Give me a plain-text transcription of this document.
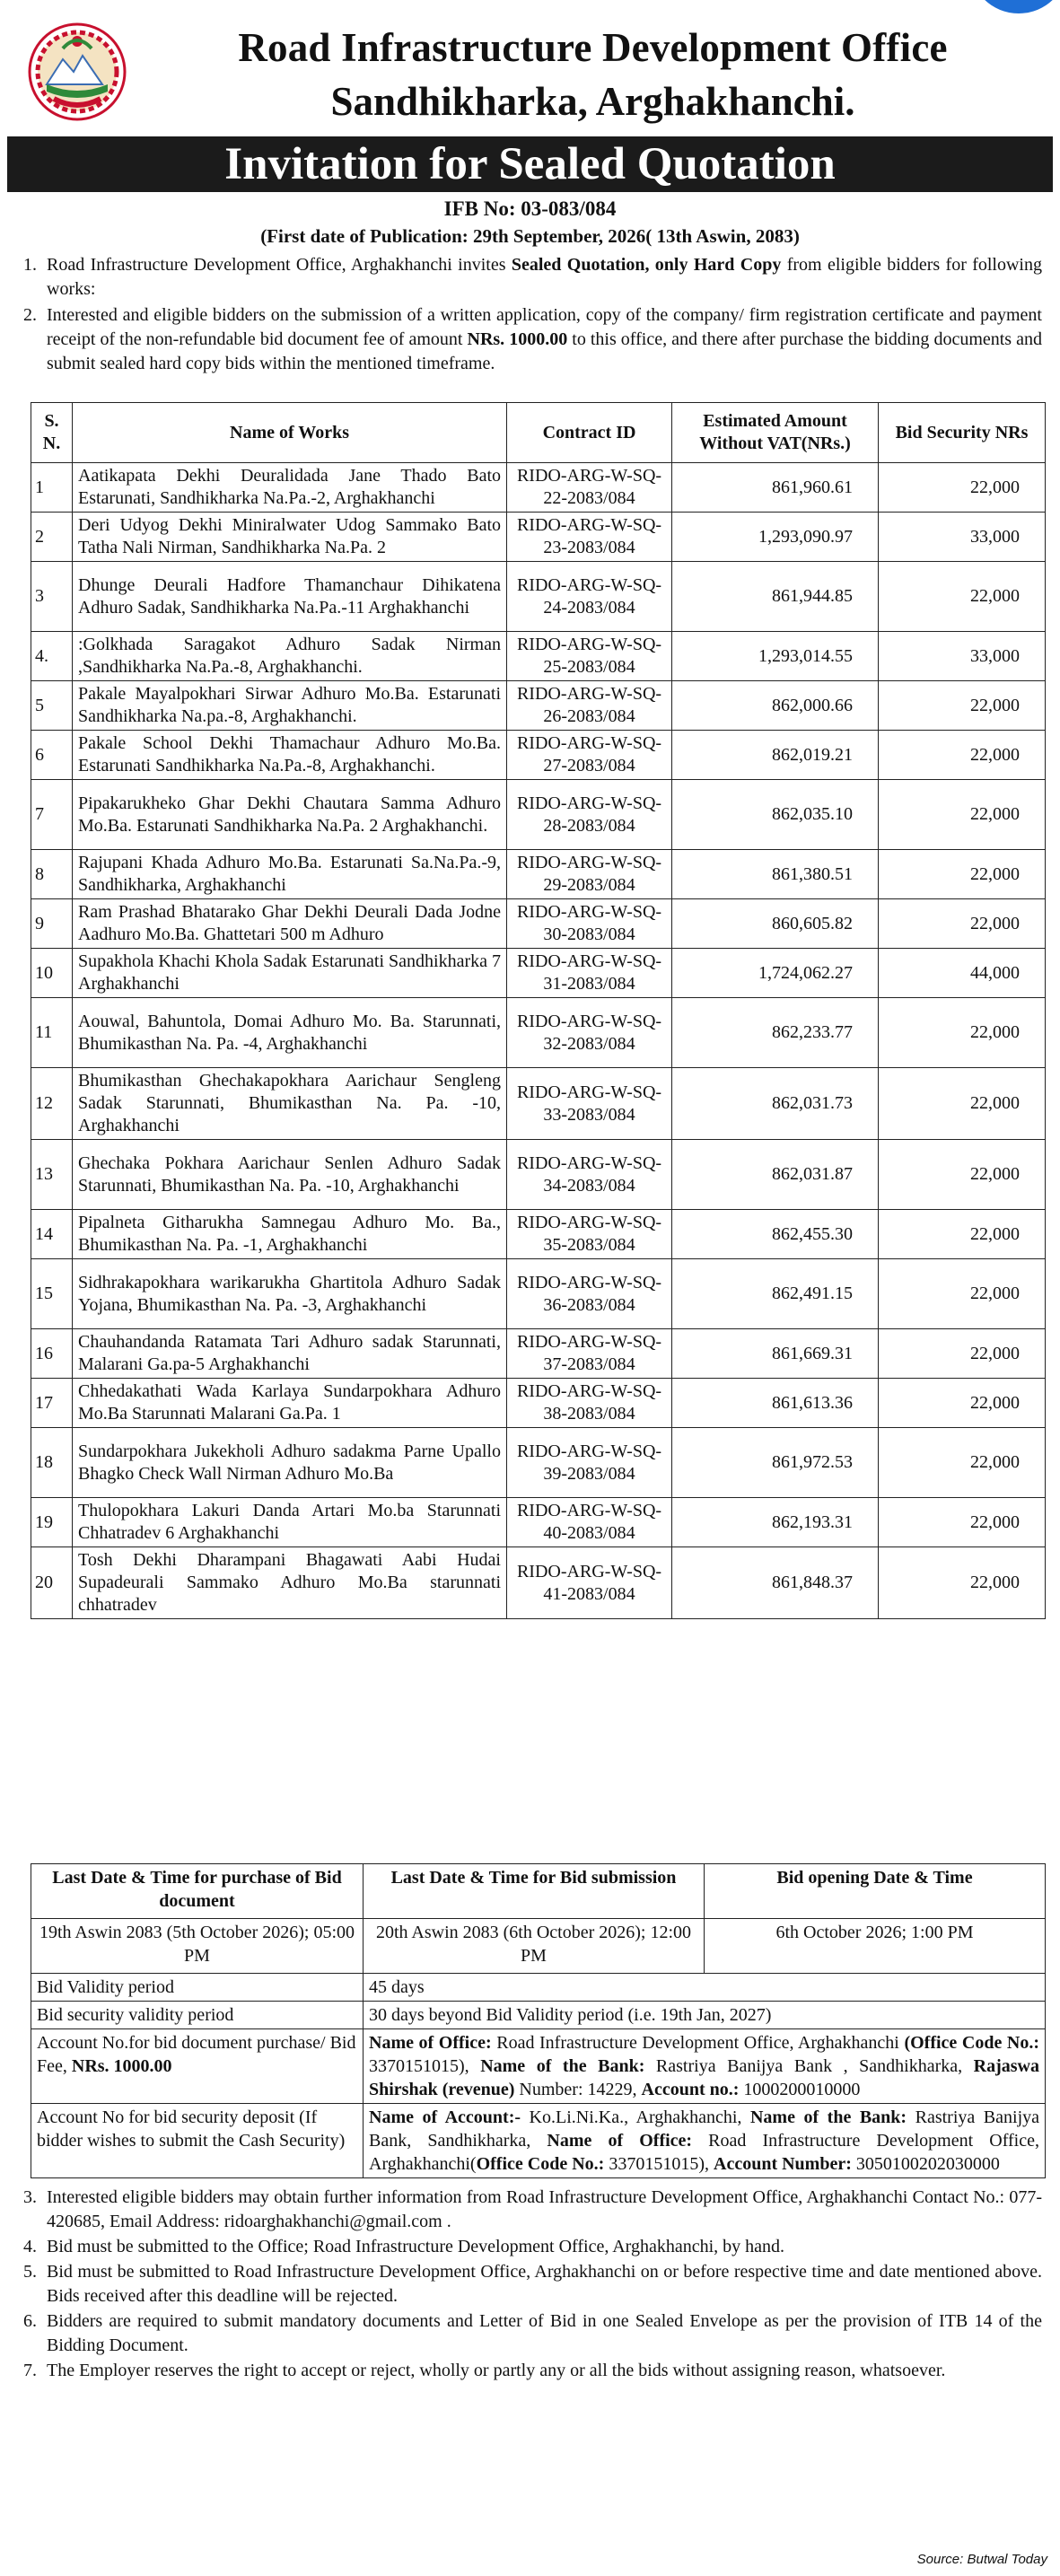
Road Infrastructure Development Office
Sandhikharka, Arghakhanchi.
Invitation for Sealed Quotation
IFB No: 03-083/084
(First date of Publication: 29th September, 2026( 13th Aswin, 2083)
1. Road Infrastructure Development Office, Arghakhanchi invites Sealed Quotation, only Hard Copy from eligible bidders for following works:
2. Interested and eligible bidders on the submission of a written application, copy of the company/ firm registration certificate and payment receipt of the non-refundable bid document fee of amount NRs. 1000.00 to this office, and there after purchase the bidding documents and submit sealed hard copy bids within the mentioned timeframe.
S. N.	Name of Works	Contract ID	Estimated Amount Without VAT(NRs.)	Bid Security NRs
1	Aatikapata Dekhi Deuralidada Jane Thado Bato Estarunati, Sandhikharka Na.Pa.-2, Arghakhanchi	RIDO-ARG-W-SQ-22-2083/084	861,960.61	22,000
2	Deri Udyog Dekhi Miniralwater Udog Sammako Bato Tatha Nali Nirman, Sandhikharka Na.Pa. 2	RIDO-ARG-W-SQ-23-2083/084	1,293,090.97	33,000
3	Dhunge Deurali Hadfore Thamanchaur Dihikatena Adhuro Sadak, Sandhikharka Na.Pa.-11 Arghakhanchi	RIDO-ARG-W-SQ-24-2083/084	861,944.85	22,000
4.	:Golkhada Saragakot Adhuro Sadak Nirman ,Sandhikharka Na.Pa.-8, Arghakhanchi.	RIDO-ARG-W-SQ-25-2083/084	1,293,014.55	33,000
5	Pakale Mayalpokhari Sirwar Adhuro Mo.Ba. Estarunati Sandhikharka Na.pa.-8, Arghakhanchi.	RIDO-ARG-W-SQ-26-2083/084	862,000.66	22,000
6	Pakale School Dekhi Thamachaur Adhuro Mo.Ba. Estarunati Sandhikharka Na.Pa.-8, Arghakhanchi.	RIDO-ARG-W-SQ-27-2083/084	862,019.21	22,000
7	Pipakarukheko Ghar Dekhi Chautara Samma Adhuro Mo.Ba. Estarunati Sandhikharka Na.Pa. 2 Arghakhanchi.	RIDO-ARG-W-SQ-28-2083/084	862,035.10	22,000
8	Rajupani Khada Adhuro Mo.Ba. Estarunati Sa.Na.Pa.-9, Sandhikharka, Arghakhanchi	RIDO-ARG-W-SQ-29-2083/084	861,380.51	22,000
9	Ram Prashad Bhatarako Ghar Dekhi Deurali Dada Jodne Aadhuro Mo.Ba. Ghattetari 500 m Adhuro	RIDO-ARG-W-SQ-30-2083/084	860,605.82	22,000
10	Supakhola Khachi Khola Sadak Estarunati Sandhikharka 7 Arghakhanchi	RIDO-ARG-W-SQ-31-2083/084	1,724,062.27	44,000
11	Aouwal, Bahuntola, Domai Adhuro Mo. Ba. Starunnati, Bhumikasthan Na. Pa. -4, Arghakhanchi	RIDO-ARG-W-SQ-32-2083/084	862,233.77	22,000
12	Bhumikasthan Ghechakapokhara Aarichaur Sengleng Sadak Starunnati, Bhumikasthan Na. Pa. -10, Arghakhanchi	RIDO-ARG-W-SQ-33-2083/084	862,031.73	22,000
13	Ghechaka Pokhara Aarichaur Senlen Adhuro Sadak Starunnati, Bhumikasthan Na. Pa. -10, Arghakhanchi	RIDO-ARG-W-SQ-34-2083/084	862,031.87	22,000
14	Pipalneta Githarukha Samnegau Adhuro Mo. Ba., Bhumikasthan Na. Pa. -1, Arghakhanchi	RIDO-ARG-W-SQ-35-2083/084	862,455.30	22,000
15	Sidhrakapokhara warikarukha Ghartitola Adhuro Sadak Yojana, Bhumikasthan Na. Pa. -3, Arghakhanchi	RIDO-ARG-W-SQ-36-2083/084	862,491.15	22,000
16	Chauhandanda Ratamata Tari Adhuro sadak Starunnati, Malarani Ga.pa-5 Arghakhanchi	RIDO-ARG-W-SQ-37-2083/084	861,669.31	22,000
17	Chhedakathati Wada Karlaya Sundarpokhara Adhuro Mo.Ba Starunnati Malarani Ga.Pa. 1	RIDO-ARG-W-SQ-38-2083/084	861,613.36	22,000
18	Sundarpokhara Jukekholi Adhuro sadakma Parne Upallo Bhagko Check Wall Nirman Adhuro Mo.Ba	RIDO-ARG-W-SQ-39-2083/084	861,972.53	22,000
19	Thulopokhara Lakuri Danda Artari Mo.ba Starunnati Chhatradev 6 Arghakhanchi	RIDO-ARG-W-SQ-40-2083/084	862,193.31	22,000
20	Tosh Dekhi Dharampani Bhagawati Aabi Hudai Supadeurali Sammako Adhuro Mo.Ba starunnati chhatradev	RIDO-ARG-W-SQ-41-2083/084	861,848.37	22,000
Last Date & Time for purchase of Bid document	Last Date & Time for Bid submission	Bid opening Date & Time
19th Aswin 2083 (5th October 2026); 05:00 PM	20th Aswin 2083 (6th October 2026); 12:00 PM	6th October 2026; 1:00 PM
Bid Validity period	45 days	
Bid security validity period	30 days beyond Bid Validity period (i.e. 19th Jan, 2027)	
Account No.for bid document purchase/ Bid Fee, NRs. 1000.00	Name of Office: Road Infrastructure Development Office, Arghakhanchi (Office Code No.: 3370151015), Name of the Bank: Rastriya Banijya Bank , Sandhikharka, Rajaswa Shirshak (revenue) Number: 14229, Account no.: 1000200010000	
Account No for bid security deposit (If bidder wishes to submit the Cash Security)	Name of Account:- Ko.Li.Ni.Ka., Arghakhanchi, Name of the Bank: Rastriya Banijya Bank, Sandhikharka, Name of Office: Road Infrastructure Development Office, Arghakhanchi(Office Code No.: 3370151015), Account Number: 3050100202030000	
3. Interested eligible bidders may obtain further information from Road Infrastructure Development Office, Arghakhanchi Contact No.: 077-420685, Email Address: ridoarghakhanchi@gmail.com .
4. Bid must be submitted to the Office; Road Infrastructure Development Office, Arghakhanchi, by hand.
5. Bid must be submitted to Road Infrastructure Development Office, Arghakhanchi on or before respective time and date mentioned above. Bids received after this deadline will be rejected.
6. Bidders are required to submit mandatory documents and Letter of Bid in one Sealed Envelope as per the provision of ITB 14 of the Bidding Document.
7. The Employer reserves the right to accept or reject, wholly or partly any or all the bids without assigning reason, whatsoever.
Source: Butwal Today
